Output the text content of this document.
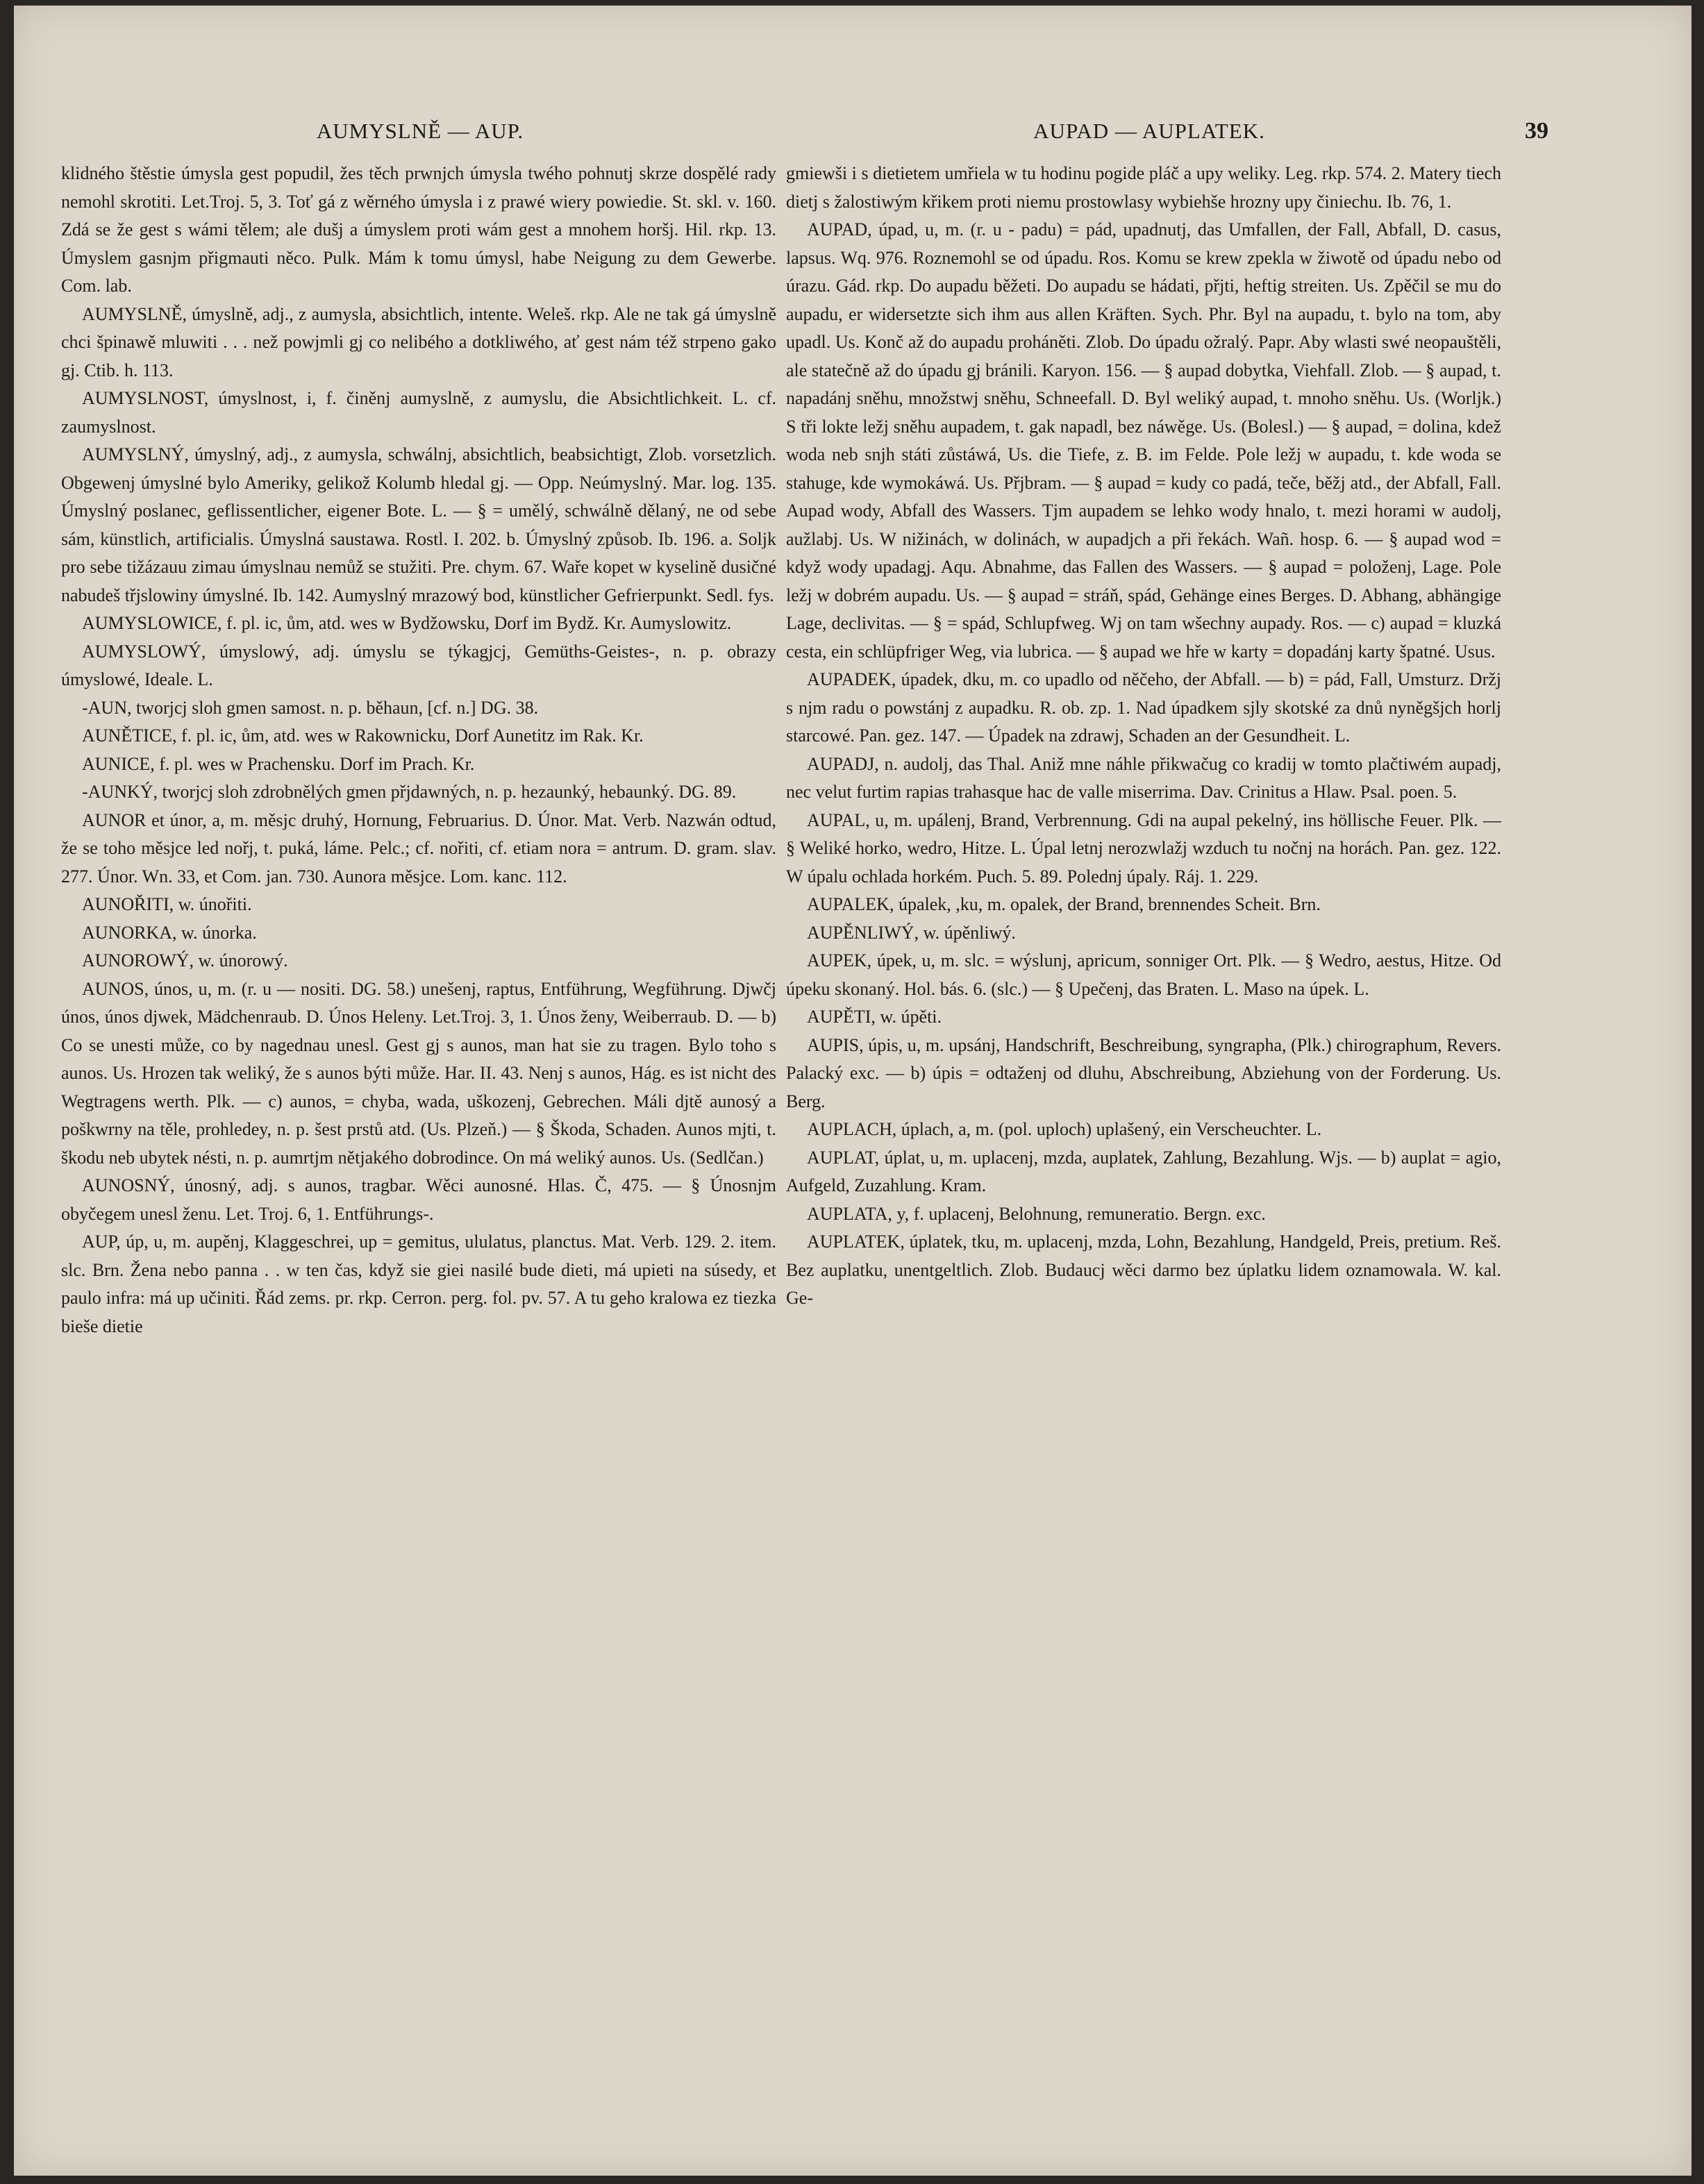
AUMYSLNĚ — AUP.	AUPAD — AUPLATEK.	39

klidného štěstie úmysla gest popudil, žes těch prwnjch úmysla twého pohnutj skrze dospělé rady nemohl skrotiti. Let.Troj. 5, 3. Toť gá z wěrného úmysla i z prawé wiery powiedie. St. skl. v. 160. Zdá se že gest s wámi tělem; ale dušj a úmyslem proti wám gest a mnohem horšj. Hil. rkp. 13. Úmyslem gasnjm přigmauti něco. Pulk. Mám k tomu úmysl, habe Neigung zu dem Gewerbe. Com. lab.

AUMYSLNĚ, úmyslně, adj., z aumysla, absichtlich, intente. Weleš. rkp. Ale ne tak gá úmyslně chci špinawě mluwiti . . . než powjmli gj co nelibého a dotkliwého, ať gest nám též strpeno gako gj. Ctib. h. 113.

AUMYSLNOST, úmyslnost, i, f. činěnj aumyslně, z aumyslu, die Absichtlichkeit. L. cf. zaumyslnost.

AUMYSLNÝ, úmyslný, adj., z aumysla, schwálnj, absichtlich, beabsichtigt, Zlob. vorsetzlich. Obgewenj úmyslné bylo Ameriky, gelikož Kolumb hledal gj. — Opp. Neúmyslný. Mar. log. 135. Úmyslný poslanec, geflissentlicher, eigener Bote. L. — § = umělý, schwálně dělaný, ne od sebe sám, künstlich, artificialis. Úmyslná saustawa. Rostl. I. 202. b. Úmyslný způsob. Ib. 196. a. Soljk pro sebe tižázauu zimau úmyslnau nemůž se stužiti. Pre. chym. 67. Waře kopet w kyselině dusičné nabudeš třjslowiny úmyslné. Ib. 142. Aumyslný mrazowý bod, künstlicher Gefrierpunkt. Sedl. fys.

AUMYSLOWICE, f. pl. ic, ům, atd. wes w Bydžowsku, Dorf im Bydž. Kr. Aumyslowitz.

AUMYSLOWÝ, úmyslowý, adj. úmyslu se týkagjcj, Gemüths-Geistes-, n. p. obrazy úmyslowé, Ideale. L.

-AUN, tworjcj sloh gmen samost. n. p. běhaun, [cf. n.] DG. 38.

AUNĚTICE, f. pl. ic, ům, atd. wes w Rakownicku, Dorf Aunetitz im Rak. Kr.

AUNICE, f. pl. wes w Prachensku. Dorf im Prach. Kr.

-AUNKÝ, tworjcj sloh zdrobnělých gmen přjdawných, n. p. hezaunký, hebaunký. DG. 89.

AUNOR et únor, a, m. měsjc druhý, Hornung, Februarius. D. Únor. Mat. Verb. Nazwán odtud, že se toho měsjce led nořj, t. puká, láme. Pelc.; cf. nořiti, cf. etiam nora = antrum. D. gram. slav. 277. Únor. Wn. 33, et Com. jan. 730. Aunora měsjce. Lom. kanc. 112.

AUNOŘITI, w. únořiti.

AUNORKA, w. únorka.

AUNOROWÝ, w. únorowý.

AUNOS, únos, u, m. (r. u — nositi. DG. 58.) unešenj, raptus, Entführung, Wegführung. Djwčj únos, únos djwek, Mädchenraub. D. Únos Heleny. Let.Troj. 3, 1. Únos ženy, Weiberraub. D. — b) Co se unesti může, co by nagednau unesl. Gest gj s aunos, man hat sie zu tragen. Bylo toho s aunos. Us. Hrozen tak weliký, že s aunos býti může. Har. II. 43. Nenj s aunos, Hág. es ist nicht des Wegtragens werth. Plk. — c) aunos, = chyba, wada, uškozenj, Gebrechen. Máli djtě aunosý a poškwrny na těle, prohledey, n. p. šest prstů atd. (Us. Plzeň.) — § Škoda, Schaden. Aunos mjti, t. škodu neb ubytek nésti, n. p. aumrtjm nětjakého dobrodince. On má weliký aunos. Us. (Sedlčan.)

AUNOSNÝ, únosný, adj. s aunos, tragbar. Wěci aunosné. Hlas. Č, 475. — § Únosnjm obyčegem unesl ženu. Let. Troj. 6, 1. Entführungs-.

AUP, úp, u, m. aupěnj, Klaggeschrei, up = gemitus, ululatus, planctus. Mat. Verb. 129. 2. item. slc. Brn. Žena nebo panna . . w ten čas, když sie giei nasilé bude dieti, má upieti na súsedy, et paulo infra: má up učiniti. Řád zems. pr. rkp. Cerron. perg. fol. pv. 57. A tu geho kralowa ez tiezka bieše dietie

gmiewši i s dietietem umřiela w tu hodinu pogide pláč a upy weliky. Leg. rkp. 574. 2. Matery tiech dietj s žalostiwým křikem proti niemu prostowlasy wybiehše hrozny upy činiechu. Ib. 76, 1.

AUPAD, úpad, u, m. (r. u - padu) = pád, upadnutj, das Umfallen, der Fall, Abfall, D. casus, lapsus. Wq. 976. Roznemohl se od úpadu. Ros. Komu se krew zpekla w žiwotě od úpadu nebo od úrazu. Gád. rkp. Do aupadu běžeti. Do aupadu se hádati, přjti, heftig streiten. Us. Zpěčil se mu do aupadu, er widersetzte sich ihm aus allen Kräften. Sych. Phr. Byl na aupadu, t. bylo na tom, aby upadl. Us. Konč až do aupadu proháněti. Zlob. Do úpadu ožralý. Papr. Aby wlasti swé neopauštěli, ale statečně až do úpadu gj bránili. Karyon. 156. — § aupad dobytka, Viehfall. Zlob. — § aupad, t. napadánj sněhu, množstwj sněhu, Schneefall. D. Byl weliký aupad, t. mnoho sněhu. Us. (Worljk.) S tři lokte ležj sněhu aupadem, t. gak napadl, bez náwěge. Us. (Bolesl.) — § aupad, = dolina, kdež woda neb snjh státi zůstáwá, Us. die Tiefe, z. B. im Felde. Pole ležj w aupadu, t. kde woda se stahuge, kde wymokáwá. Us. Přjbram. — § aupad = kudy co padá, teče, běžj atd., der Abfall, Fall. Aupad wody, Abfall des Wassers. Tjm aupadem se lehko wody hnalo, t. mezi horami w audolj, aužlabj. Us. W nižinách, w dolinách, w aupadjch a při řekách. Wañ. hosp. 6. — § aupad wod = když wody upadagj. Aqu. Abnahme, das Fallen des Wassers. — § aupad = položenj, Lage. Pole ležj w dobrém aupadu. Us. — § aupad = stráň, spád, Gehänge eines Berges. D. Abhang, abhängige Lage, declivitas. — § = spád, Schlupfweg. Wj on tam wšechny aupady. Ros. — c) aupad = kluzká cesta, ein schlüpfriger Weg, via lubrica. — § aupad we hře w karty = dopadánj karty špatné. Usus.

AUPADEK, úpadek, dku, m. co upadlo od něčeho, der Abfall. — b) = pád, Fall, Umsturz. Držj s njm radu o powstánj z aupadku. R. ob. zp. 1. Nad úpadkem sjly skotské za dnů nyněgšjch horlj starcowé. Pan. gez. 147. — Úpadek na zdrawj, Schaden an der Gesundheit. L.

AUPADJ, n. audolj, das Thal. Aniž mne náhle přikwačug co kradij w tomto plačtiwém aupadj, nec velut furtim rapias trahasque hac de valle miserrima. Dav. Crinitus a Hlaw. Psal. poen. 5.

AUPAL, u, m. upálenj, Brand, Verbrennung. Gdi na aupal pekelný, ins höllische Feuer. Plk. — § Weliké horko, wedro, Hitze. L. Úpal letnj nerozwlažj wzduch tu nočnj na horách. Pan. gez. 122. W úpalu ochlada horkém. Puch. 5. 89. Polednj úpaly. Ráj. 1. 229.

AUPALEK, úpalek, ,ku, m. opalek, der Brand, brennendes Scheit. Brn.

AUPĚNLIWÝ, w. úpěnliwý.

AUPEK, úpek, u, m. slc. = wýslunj, apricum, sonniger Ort. Plk. — § Wedro, aestus, Hitze. Od úpeku skonaný. Hol. bás. 6. (slc.) — § Upečenj, das Braten. L. Maso na úpek. L.

AUPĚTI, w. úpěti.

AUPIS, úpis, u, m. upsánj, Handschrift, Beschreibung, syngrapha, (Plk.) chirographum, Revers. Palacký exc. — b) úpis = odtaženj od dluhu, Abschreibung, Abziehung von der Forderung. Us. Berg.

AUPLACH, úplach, a, m. (pol. uploch) uplašený, ein Verscheuchter. L.

AUPLAT, úplat, u, m. uplacenj, mzda, auplatek, Zahlung, Bezahlung. Wjs. — b) auplat = agio, Aufgeld, Zuzahlung. Kram.

AUPLATA, y, f. uplacenj, Belohnung, remuneratio. Bergn. exc.

AUPLATEK, úplatek, tku, m. uplacenj, mzda, Lohn, Bezahlung, Handgeld, Preis, pretium. Reš. Bez auplatku, unentgeltlich. Zlob. Budaucj wěci darmo bez úplatku lidem oznamowala. W. kal. Ge-
